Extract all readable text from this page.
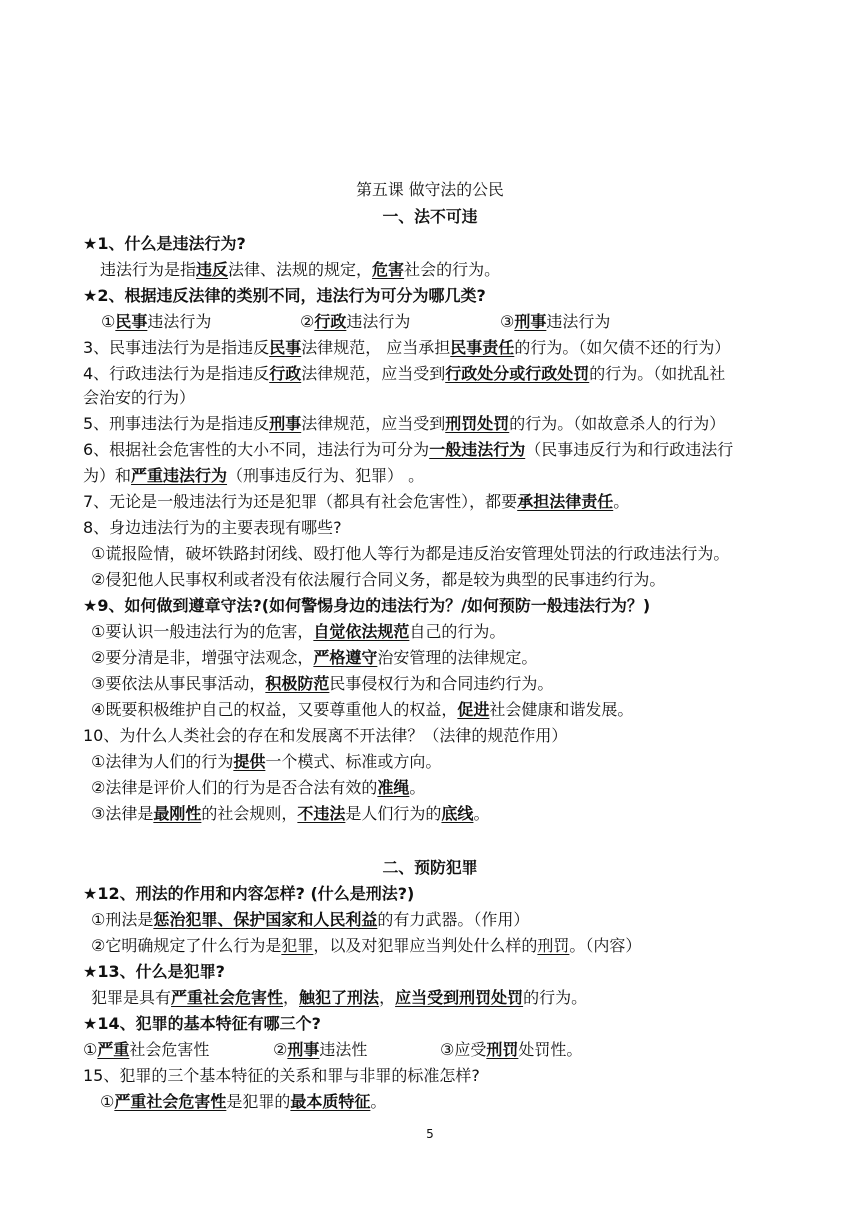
第五课 做守法的公民
一、法不可违
★1、什么是违法行为?
违法行为是指违反法律、法规的规定，危害社会的行为。
★2、根据违反法律的类别不同，违法行为可分为哪几类?
①民事违法行为	②行政违法行为	③刑事违法行为
3、民事违法行为是指违反民事法律规范， 应当承担民事责任的行为。（如欠债不还的行为）
4、行政违法行为是指违反行政法律规范，应当受到行政处分或行政处罚的行为。（如扰乱社
会治安的行为）
5、刑事违法行为是指违反刑事法律规范，应当受到刑罚处罚的行为。（如故意杀人的行为）
6、根据社会危害性的大小不同，违法行为可分为一般违法行为（民事违反行为和行政违法行
为）和严重违法行为（刑事违反行为、犯罪） 。
7、无论是一般违法行为还是犯罪（都具有社会危害性），都要承担法律责任。
8、身边违法行为的主要表现有哪些?
①谎报险情，破坏铁路封闭线、殴打他人等行为都是违反治安管理处罚法的行政违法行为。
②侵犯他人民事权利或者没有依法履行合同义务，都是较为典型的民事违约行为。
★9、如何做到遵章守法?(如何警惕身边的违法行为？/如何预防一般违法行为？)
①要认识一般违法行为的危害，自觉依法规范自己的行为。
②要分清是非，增强守法观念，严格遵守治安管理的法律规定。
③要依法从事民事活动，积极防范民事侵权行为和合同违约行为。
④既要积极维护自己的权益，又要尊重他人的权益，促进社会健康和谐发展。
10、为什么人类社会的存在和发展离不开法律？（法律的规范作用）
①法律为人们的行为提供一个模式、标准或方向。
②法律是评价人们的行为是否合法有效的准绳。
③法律是最刚性的社会规则，不违法是人们行为的底线。
二、预防犯罪
★12、刑法的作用和内容怎样? (什么是刑法?)
①刑法是惩治犯罪、保护国家和人民利益的有力武器。（作用）
②它明确规定了什么行为是犯罪，以及对犯罪应当判处什么样的刑罚。（内容）
★13、什么是犯罪?
犯罪是具有严重社会危害性，触犯了刑法，应当受到刑罚处罚的行为。
★14、犯罪的基本特征有哪三个?
①严重社会危害性	②刑事违法性	③应受刑罚处罚性。
15、犯罪的三个基本特征的关系和罪与非罪的标准怎样?
①严重社会危害性是犯罪的最本质特征。
5
